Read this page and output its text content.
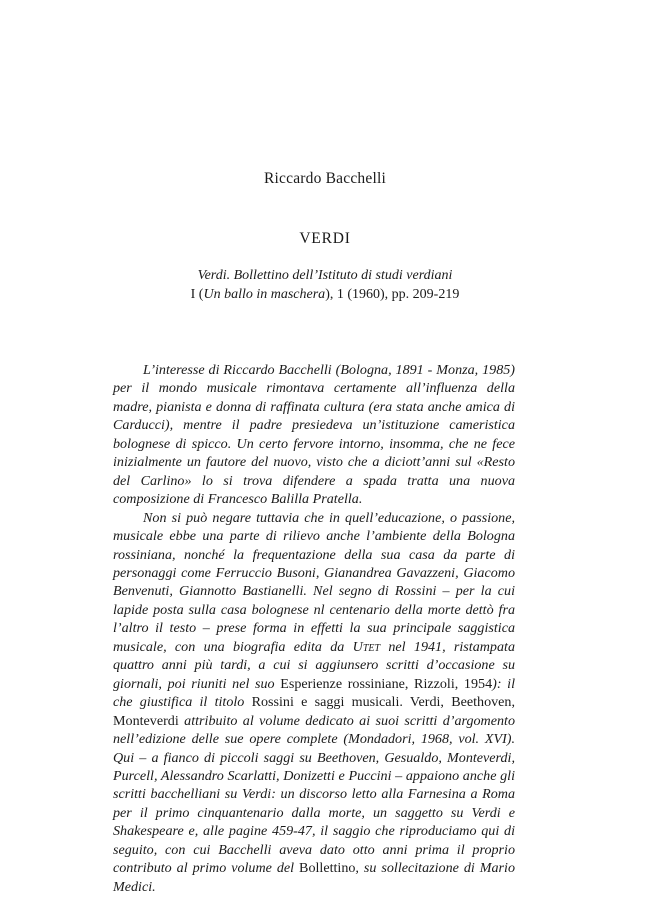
Riccardo Bacchelli
VERDI
Verdi. Bollettino dell’Istituto di studi verdiani
I (Un ballo in maschera), 1 (1960), pp. 209-219

L’interesse di Riccardo Bacchelli (Bologna, 1891 - Monza, 1985) per il mondo musicale rimontava certamente all’influenza della madre, pianista e donna di raffinata cultura (era stata anche amica di Carducci), mentre il padre presiedeva un’istituzione cameristica bolognese di spicco. Un certo fervore intorno, insomma, che ne fece inizialmente un fautore del nuovo, visto che a diciott’anni sul «Resto del Carlino» lo si trova difendere a spada tratta una nuova composizione di Francesco Balilla Pratella.

Non si può negare tuttavia che in quell’educazione, o passione, musicale ebbe una parte di rilievo anche l’ambiente della Bologna rossiniana, nonché la frequentazione della sua casa da parte di personaggi come Ferruccio Busoni, Gianandrea Gavazzeni, Giacomo Benvenuti, Giannotto Bastianelli. Nel segno di Rossini – per la cui lapide posta sulla casa bolognese nl centenario della morte dettò fra l’altro il testo – prese forma in effetti la sua principale saggistica musicale, con una biografia edita da Utet nel 1941, ristampata quattro anni più tardi, a cui si aggiunsero scritti d’occasione su giornali, poi riuniti nel suo Esperienze rossiniane, Rizzoli, 1954): il che giustifica il titolo Rossini e saggi musicali. Verdi, Beethoven, Monteverdi attribuito al volume dedicato ai suoi scritti d’argomento nell’edizione delle sue opere complete (Mondadori, 1968, vol. XVI). Qui – a fianco di piccoli saggi su Beethoven, Gesualdo, Monteverdi, Purcell, Alessandro Scarlatti, Donizetti e Puccini – appaiono anche gli scritti bacchelliani su Verdi: un discorso letto alla Farnesina a Roma per il primo cinquantenario dalla morte, un saggetto su Verdi e Shakespeare e, alle pagine 459-47, il saggio che riproduciamo qui di seguito, con cui Bacchelli aveva dato otto anni prima il proprio contributo al primo volume del Bollettino, su sollecitazione di Mario Medici.
